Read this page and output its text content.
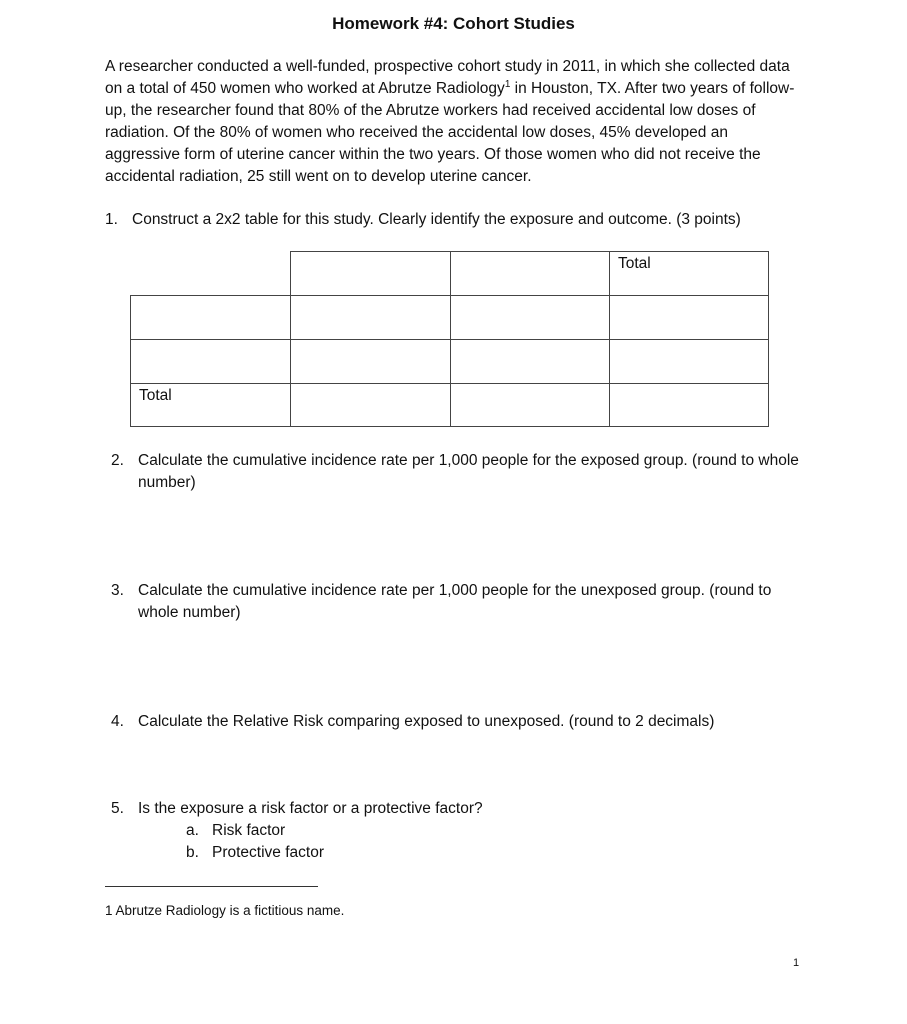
Homework #4: Cohort Studies
A researcher conducted a well-funded, prospective cohort study in 2011, in which she collected data on a total of 450 women who worked at Abrutze Radiology$^1$ in Houston, TX. After two years of follow-up, the researcher found that 80% of the Abrutze workers had received accidental low doses of radiation. Of the 80% of women who received the accidental low doses, 45% developed an aggressive form of uterine cancer within the two years. Of those women who did not receive the accidental radiation, 25 still went on to develop uterine cancer.
1. Construct a 2x2 table for this study. Clearly identify the exposure and outcome. (3 points)
Total
Total
2. Calculate the cumulative incidence rate per 1,000 people for the exposed group. (round to whole number)
3. Calculate the cumulative incidence rate per 1,000 people for the unexposed group. (round to whole number)
4. Calculate the Relative Risk comparing exposed to unexposed. (round to 2 decimals)
5. Is the exposure a risk factor or a protective factor?
a. Risk factor
b. Protective factor
1 Abrutze Radiology is a fictitious name.
1
